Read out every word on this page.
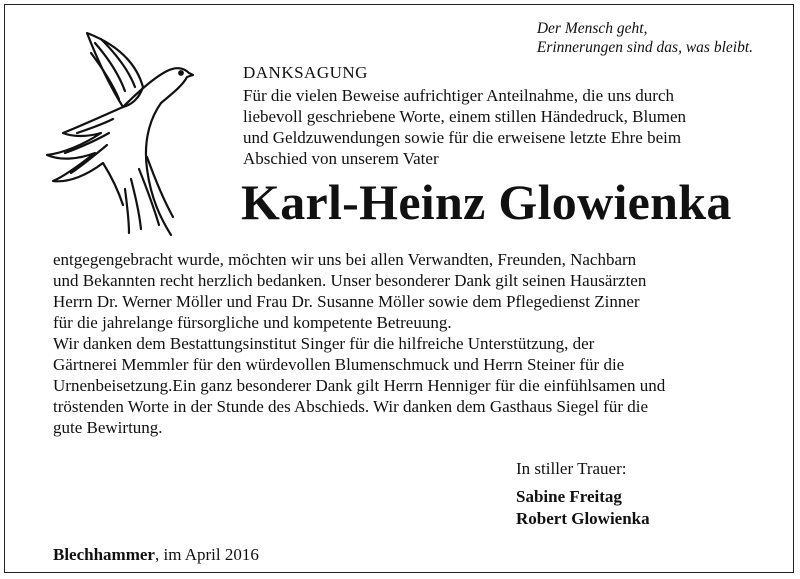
Der Mensch geht,
Erinnerungen sind das, was bleibt.
DANKSAGUNG
Für die vielen Beweise aufrichtiger Anteilnahme, die uns durch
liebevoll geschriebene Worte, einem stillen Händedruck, Blumen
und Geldzuwendungen sowie für die erweisene letzte Ehre beim
Abschied von unserem Vater
Karl-Heinz Glowienka
entgegengebracht wurde, möchten wir uns bei allen Verwandten, Freunden, Nachbarn
und Bekannten recht herzlich bedanken. Unser besonderer Dank gilt seinen Hausärzten
Herrn Dr. Werner Möller und Frau Dr. Susanne Möller sowie dem Pflegedienst Zinner
für die jahrelange fürsorgliche und kompetente Betreuung.
Wir danken dem Bestattungsinstitut Singer für die hilfreiche Unterstützung, der
Gärtnerei Memmler für den würdevollen Blumenschmuck und Herrn Steiner für die
Urnenbeisetzung.Ein ganz besonderer Dank gilt Herrn Henniger für die einfühlsamen und
tröstenden Worte in der Stunde des Abschieds. Wir danken dem Gasthaus Siegel für die
gute Bewirtung.
In stiller Trauer:
Sabine Freitag
Robert Glowienka
Blechhammer, im April 2016
